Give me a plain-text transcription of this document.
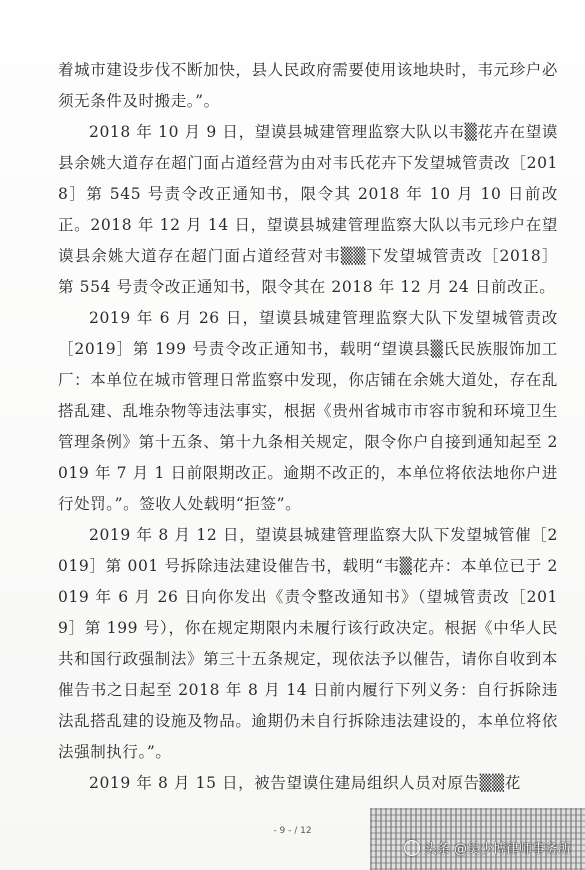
着城市建设步伐不断加快，县人民政府需要使用该地块时，韦元珍户必须无条件及时搬走。”。

2018 年 10 月 9 日，望谟县城建管理监察大队以韦▒花卉在望谟县余姚大道存在超门面占道经营为由对韦氏花卉下发望城管责改［2018］第 545 号责令改正通知书，限令其 2018 年 10 月 10 日前改正。2018 年 12 月 14 日，望谟县城建管理监察大队以韦元珍户在望谟县余姚大道存在超门面占道经营对韦▒▒下发望城管责改［2018］第 554 号责令改正通知书，限令其在 2018 年 12 月 24 日前改正。

2019 年 6 月 26 日，望谟县城建管理监察大队下发望城管责改［2019］第 199 号责令改正通知书，载明“望谟县▒氏民族服饰加工厂：本单位在城市管理日常监察中发现，你店铺在余姚大道处，存在乱搭乱建、乱堆杂物等违法事实，根据《贵州省城市市容市貌和环境卫生管理条例》第十五条、第十九条相关规定，限令你户自接到通知起至 2019 年 7 月 1 日前限期改正。逾期不改正的，本单位将依法地你户进行处罚。”。签收人处载明“拒签”。

2019 年 8 月 12 日，望谟县城建管理监察大队下发望城管催［2019］第 001 号拆除违法建设催告书，载明“韦▒花卉：本单位已于 2019 年 6 月 26 日向你发出《责令整改通知书》（望城管责改［2019］第 199 号），你在规定期限内未履行该行政决定。根据《中华人民共和国行政强制法》第三十五条规定，现依法予以催告，请你自收到本催告书之日起至 2018 年 8 月 14 日前内履行下列义务：自行拆除违法乱搭乱建的设施及物品。逾期仍未自行拆除违法建设的，本单位将依法强制执行。”。

2019 年 8 月 15 日，被告望谟住建局组织人员对原告▒▒花

- 9 - / 12
头条 @吴少博律师事务所
